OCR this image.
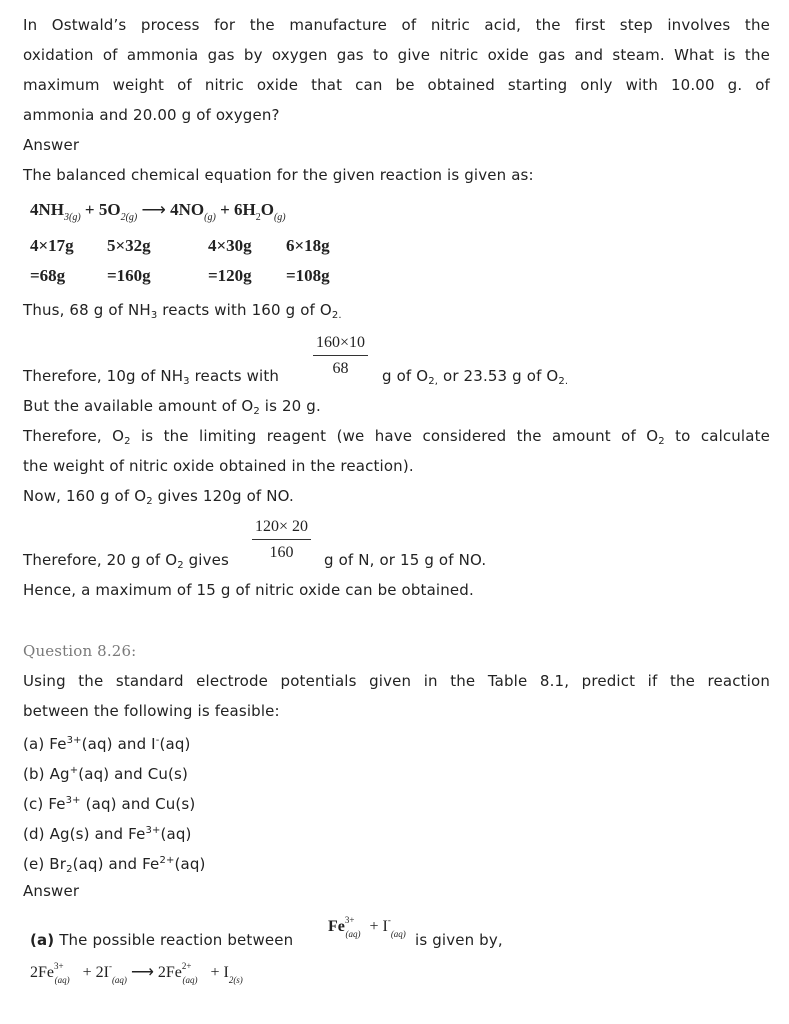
In Ostwald’s process for the manufacture of nitric acid, the first step involves the
oxidation of ammonia gas by oxygen gas to give nitric oxide gas and steam. What is the
maximum weight of nitric oxide that can be obtained starting only with 10.00 g. of
ammonia and 20.00 g of oxygen?
Answer
The balanced chemical equation for the given reaction is given as:
$4NH_{3(g)} + 5O_{2(g)}$ ⟶ $4NO_{(g)} + 6H_2O_{(g)}$
4×17g 5×32g	4×30g 6×18g
=68g =160g	=120g =108g
Thus, 68 g of $NH_3$ reacts with 160 g of $O_{2.}$
$\frac{160\times 10}{68}$
Therefore, 10g of $NH_3$ reacts with	g of $O_{2,}$ or 23.53 g of $O_{2.}$
But the available amount of $O_2$ is 20 g.
Therefore, $O_2$ is the limiting reagent (we have considered the amount of $O_2$ to calculate
the weight of nitric oxide obtained in the reaction).
Now, 160 g of $O_2$ gives 120g of NO.
$\frac{120\times 20}{160}$
Therefore, 20 g of $O_2$ gives	g of N, or 15 g of NO.
Hence, a maximum of 15 g of nitric oxide can be obtained.
Question 8.26:
Using the standard electrode potentials given in the Table 8.1, predict if the reaction
between the following is feasible:
(a) $Fe^{3+}(aq)$ and I-(aq)
(b) Ag+(aq) and Cu(s)
(c) $Fe^{3+}$ (aq) and Cu(s)
(d) Ag(s) and $Fe^{3+}(aq)$
(e) $Br_2(aq)$ and $Fe^{2+}(aq)$
Answer
(a) The possible reaction between
$Fe^{3+}_{(aq)} + I^-_{(aq)}$ is given by,
$2Fe^{3+}_{(aq)} + 2I^-_{(aq)}$ ⟶ $2Fe^{2+}_{(aq)} + I_{2(s)}$
